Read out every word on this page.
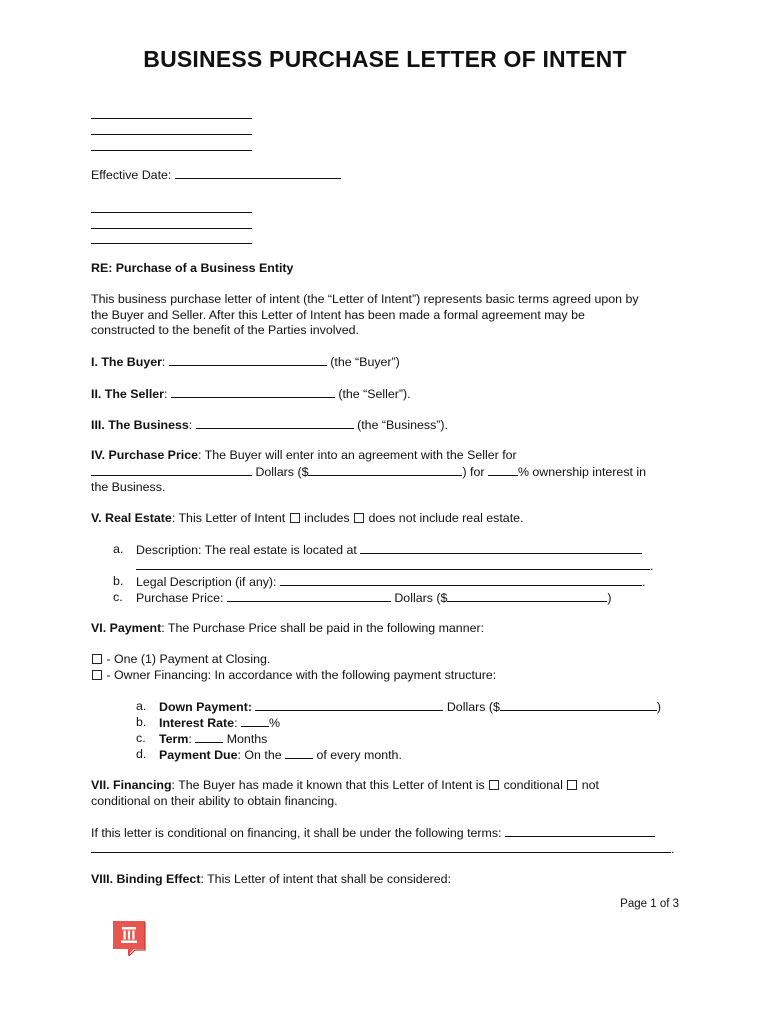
BUSINESS PURCHASE LETTER OF INTENT
Effective Date:
RE: Purchase of a Business Entity
This business purchase letter of intent (the “Letter of Intent”) represents basic terms agreed upon by
the Buyer and Seller. After this Letter of Intent has been made a formal agreement may be
constructed to the benefit of the Parties involved.
I. The Buyer:	(the “Buyer”)
II. The Seller:	(the “Seller”).
III. The Business:	(the “Business”).
IV. Purchase Price: The Buyer will enter into an agreement with the Seller for
Dollars ($	) for % ownership interest in
the Business.
V. Real Estate: This Letter of Intent  includes  does not include real estate.
a. Description: The real estate is located at
.
b. Legal Description (if any):	.
c. Purchase Price:	Dollars ($	)
VI. Payment: The Purchase Price shall be paid in the following manner:
- One (1) Payment at Closing.
- Owner Financing: In accordance with the following payment structure:
a. Down Payment:	Dollars ($	)
b. Interest Rate: %
c. Term:  Months
d. Payment Due: On the  of every month.
VII. Financing: The Buyer has made it known that this Letter of Intent is  conditional  not
conditional on their ability to obtain financing.
If this letter is conditional on financing, it shall be under the following terms:
.
VIII. Binding Effect: This Letter of intent that shall be considered:
Page 1 of 3
